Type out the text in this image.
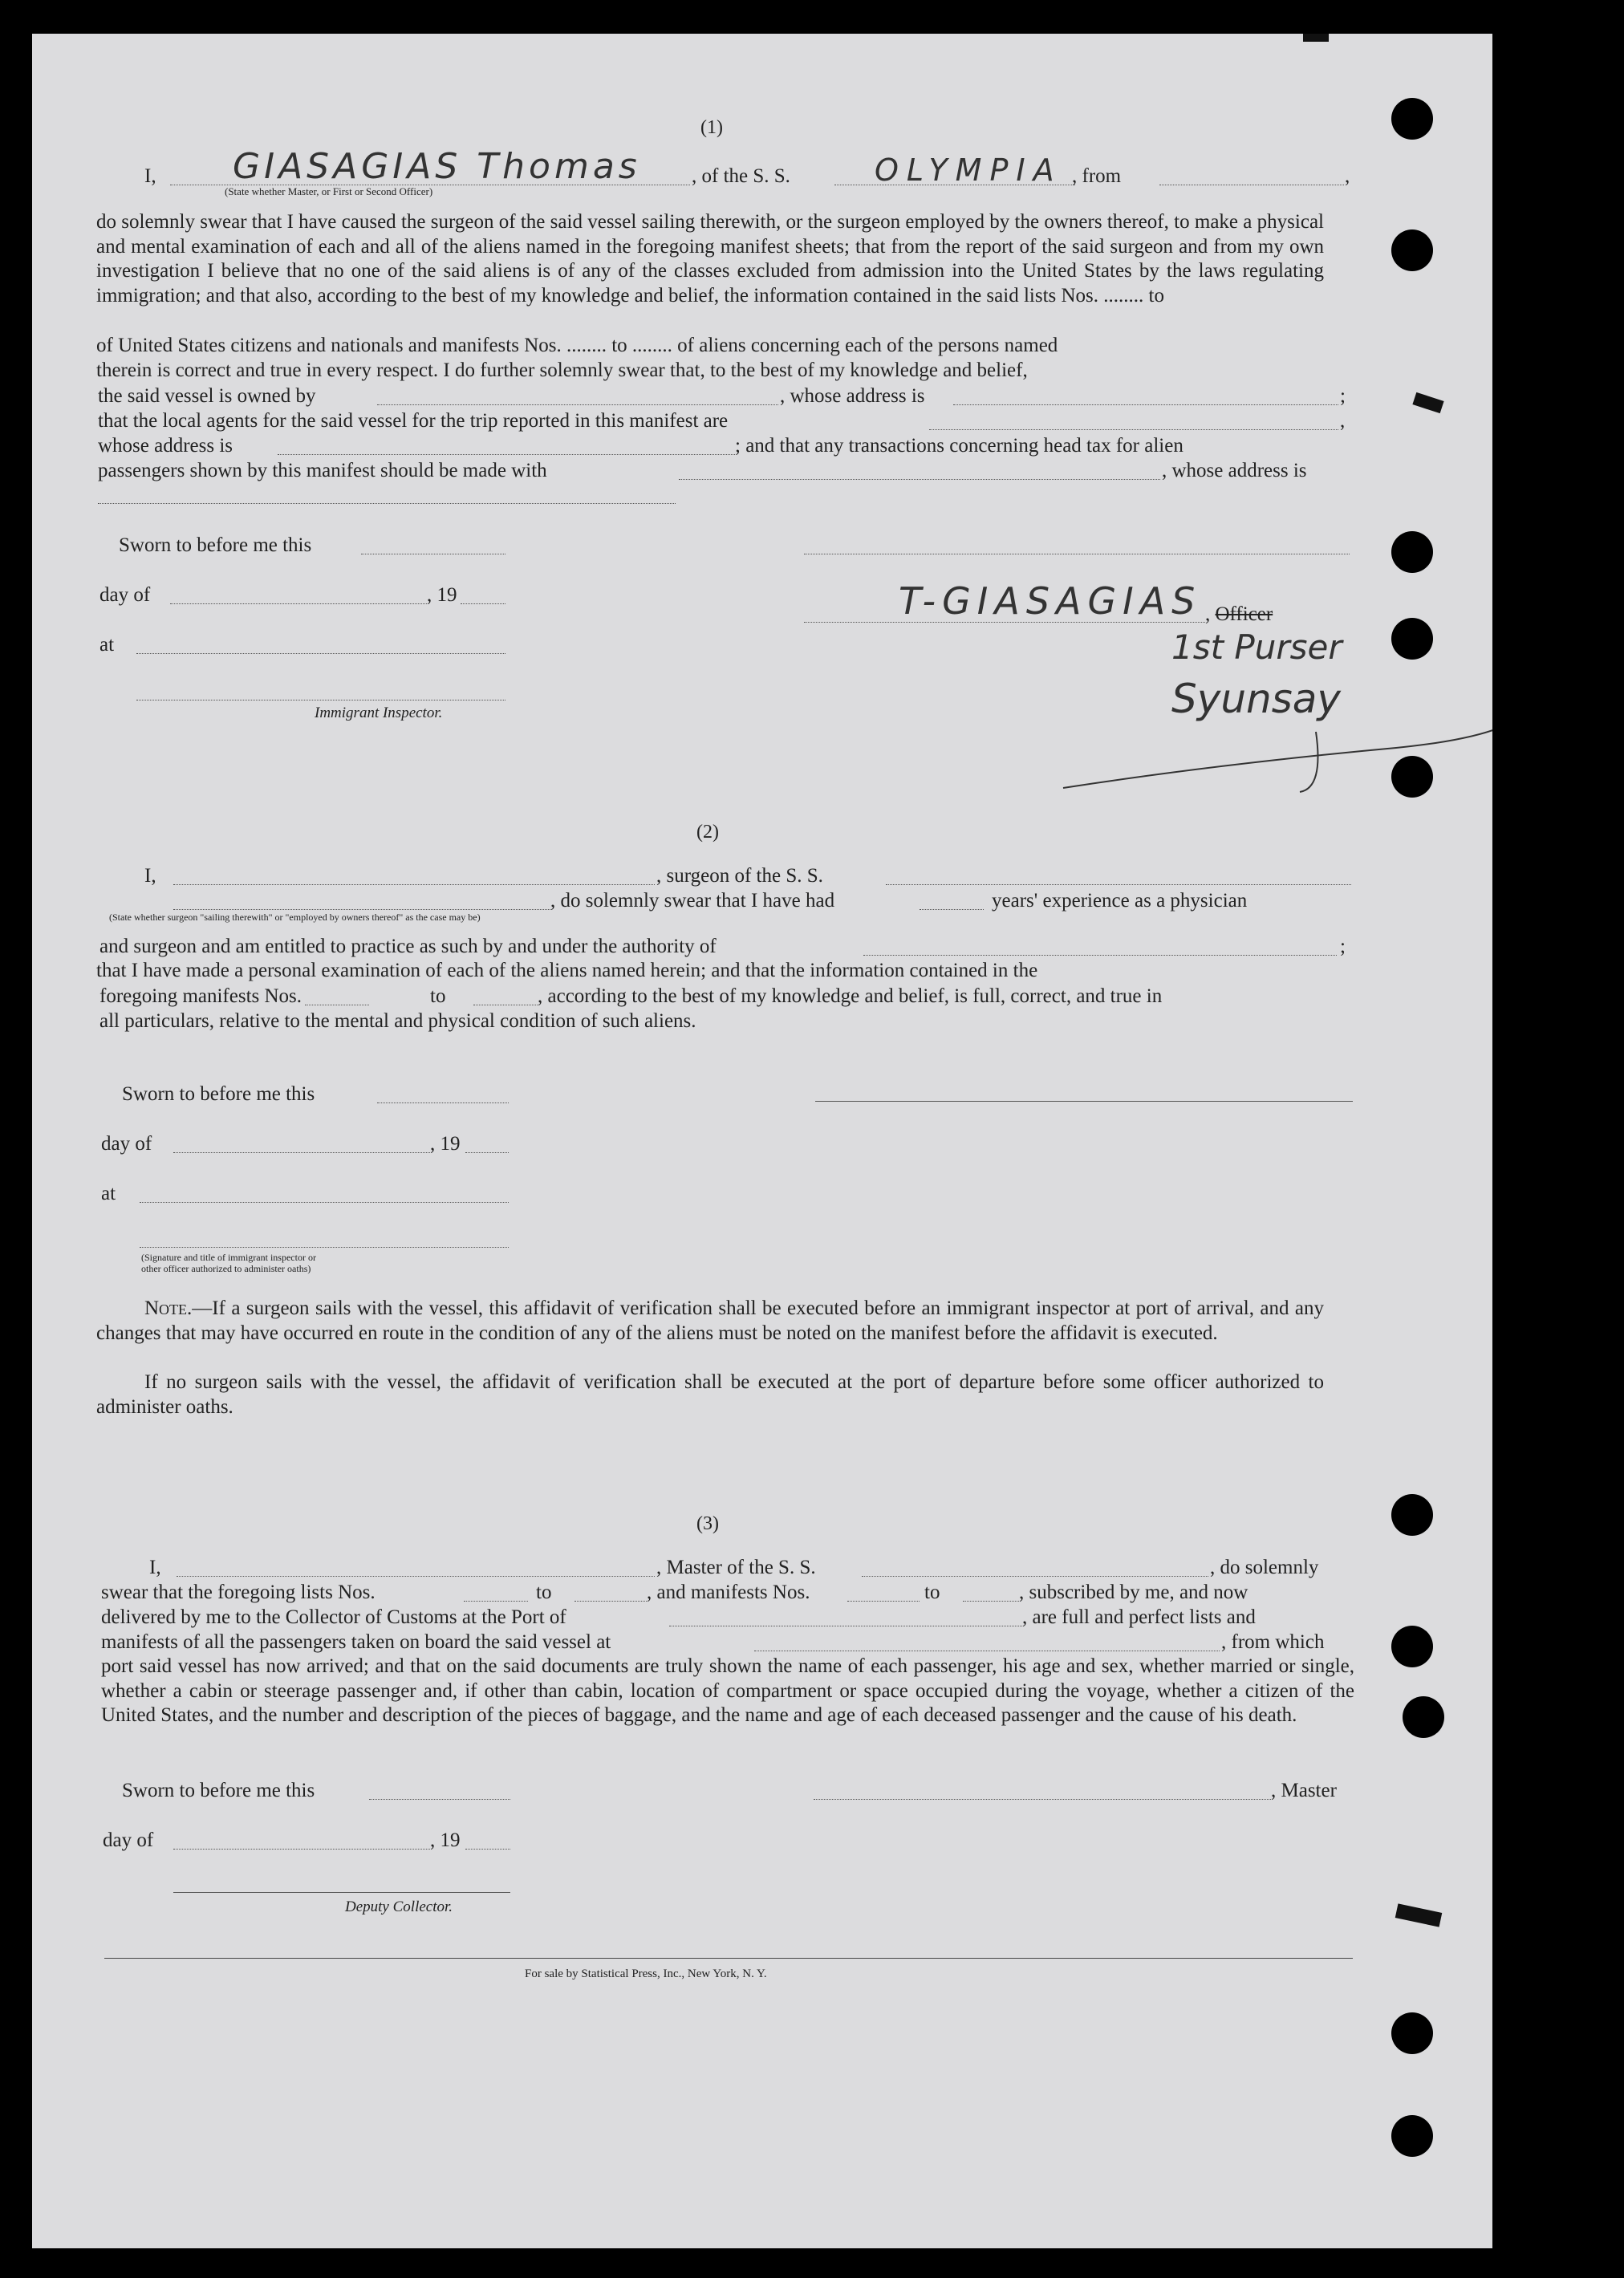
(1)
I, GIASAGIAS Thomas
(State whether Master, or First or Second Officer)
, of the S. S.	OLYMPIA , from	,
do solemnly swear that I have caused the surgeon of the said vessel sailing therewith, or the surgeon employed by the owners thereof, to make a physical and mental examination of each and all of the aliens named in the foregoing manifest sheets; that from the report of the said surgeon and from my own investigation I believe that no one of the said aliens is of any of the classes excluded from admission into the United States by the laws regulating immigration; and that also, according to the best of my knowledge and belief, the information contained in the said lists Nos. ........ to
of United States citizens and nationals and manifests Nos. ........ to ........ of aliens concerning each of the persons named
therein is correct and true in every respect. I do further solemnly swear that, to the best of my knowledge and belief,
the said vessel is owned by	, whose address is	;
that the local agents for the said vessel for the trip reported in this manifest are	,
whose address is	; and that any transactions concerning head tax for alien
passengers shown by this manifest should be made with	, whose address is
Sworn to before me this
day of	, 19	T-GIASAGIAS , Officer
1st Purser
Syunsay
at
Immigrant Inspector.
(2)
I,	, surgeon of the S. S.
, do solemnly swear that I have had	years' experience as a physician
(State whether surgeon "sailing therewith" or "employed by owners thereof" as the case may be)
and surgeon and am entitled to practice as such by and under the authority of	;
that I have made a personal examination of each of the aliens named herein; and that the information contained in the
foregoing manifests Nos.	to	, according to the best of my knowledge and belief, is full, correct, and true in
all particulars, relative to the mental and physical condition of such aliens.
Sworn to before me this
day of	, 19
at
(Signature and title of immigrant inspector or
other officer authorized to administer oaths)
Note.—If a surgeon sails with the vessel, this affidavit of verification shall be executed before an immigrant inspector at port of arrival, and any changes that may have occurred en route in the condition of any of the aliens must be noted on the manifest before the affidavit is executed.
If no surgeon sails with the vessel, the affidavit of verification shall be executed at the port of departure before some officer authorized to administer oaths.
(3)
I,	, Master of the S. S.	, do solemnly
swear that the foregoing lists Nos.	to	, and manifests Nos.	to	, subscribed by me, and now
delivered by me to the Collector of Customs at the Port of	, are full and perfect lists and
manifests of all the passengers taken on board the said vessel at	, from which
port said vessel has now arrived; and that on the said documents are truly shown the name of each passenger, his age and sex, whether married or single, whether a cabin or steerage passenger and, if other than cabin, location of compartment or space occupied during the voyage, whether a citizen of the United States, and the number and description of the pieces of baggage, and the name and age of each deceased passenger and the cause of his death.
Sworn to before me this	, Master
day of	, 19
Deputy Collector.
For sale by Statistical Press, Inc., New York, N. Y.
